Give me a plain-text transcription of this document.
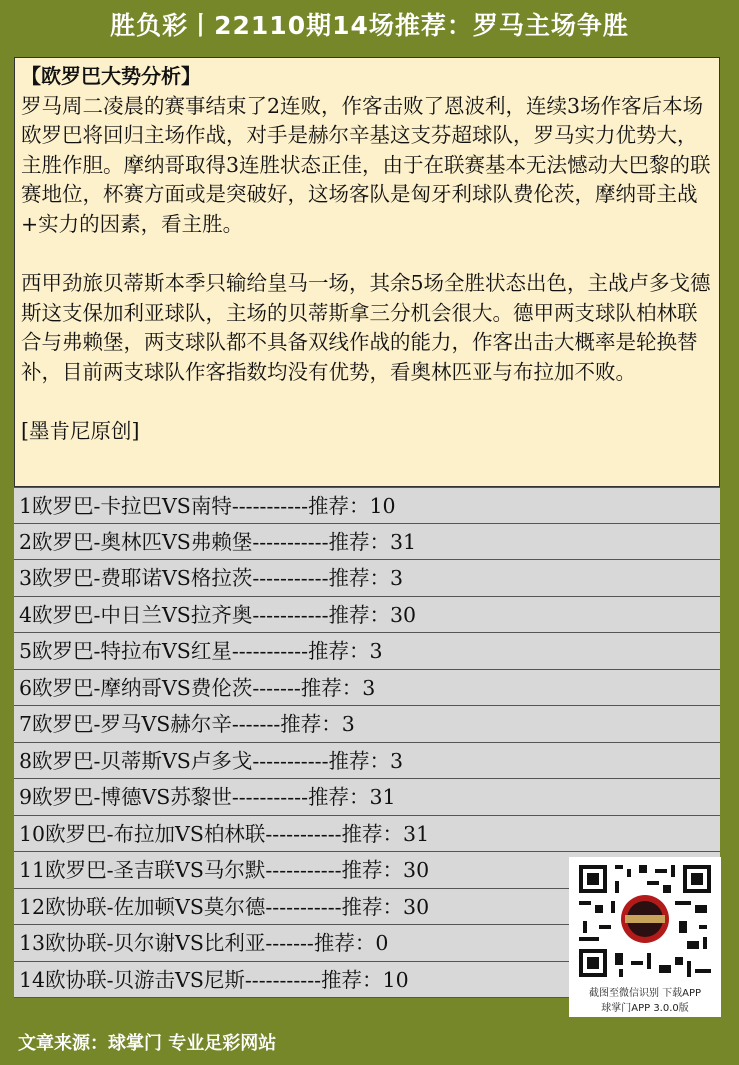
胜负彩丨22110期14场推荐：罗马主场争胜

【欧罗巴大势分析】

罗马周二凌晨的赛事结束了2连败，作客击败了恩波利，连续3场作客后本场欧罗巴将回归主场作战，对手是赫尔辛基这支芬超球队，罗马实力优势大，主胜作胆。摩纳哥取得3连胜状态正佳，由于在联赛基本无法憾动大巴黎的联赛地位，杯赛方面或是突破好，这场客队是匈牙利球队费伦茨，摩纳哥主战+实力的因素，看主胜。

西甲劲旅贝蒂斯本季只输给皇马一场，其余5场全胜状态出色，主战卢多戈德斯这支保加利亚球队，主场的贝蒂斯拿三分机会很大。德甲两支球队柏林联合与弗赖堡，两支球队都不具备双线作战的能力，作客出击大概率是轮换替补，目前两支球队作客指数均没有优势，看奥林匹亚与布拉加不败。

[墨肯尼原创]

1欧罗巴-卡拉巴VS南特-----------推荐：10
2欧罗巴-奥林匹VS弗赖堡-----------推荐：31
3欧罗巴-费耶诺VS格拉茨-----------推荐：3
4欧罗巴-中日兰VS拉齐奥-----------推荐：30
5欧罗巴-特拉布VS红星-----------推荐：3
6欧罗巴-摩纳哥VS费伦茨-------推荐：3
7欧罗巴-罗马VS赫尔辛-------推荐：3
8欧罗巴-贝蒂斯VS卢多戈-----------推荐：3
9欧罗巴-博德VS苏黎世-----------推荐：31
10欧罗巴-布拉加VS柏林联-----------推荐：31
11欧罗巴-圣吉联VS马尔默-----------推荐：30
12欧协联-佐加顿VS莫尔德-----------推荐：30
13欧协联-贝尔谢VS比利亚-------推荐：0
14欧协联-贝游击VS尼斯-----------推荐：10
截图至微信识别 下载APP
球掌门APP 3.0.0版
文章来源：球掌门 专业足彩网站
